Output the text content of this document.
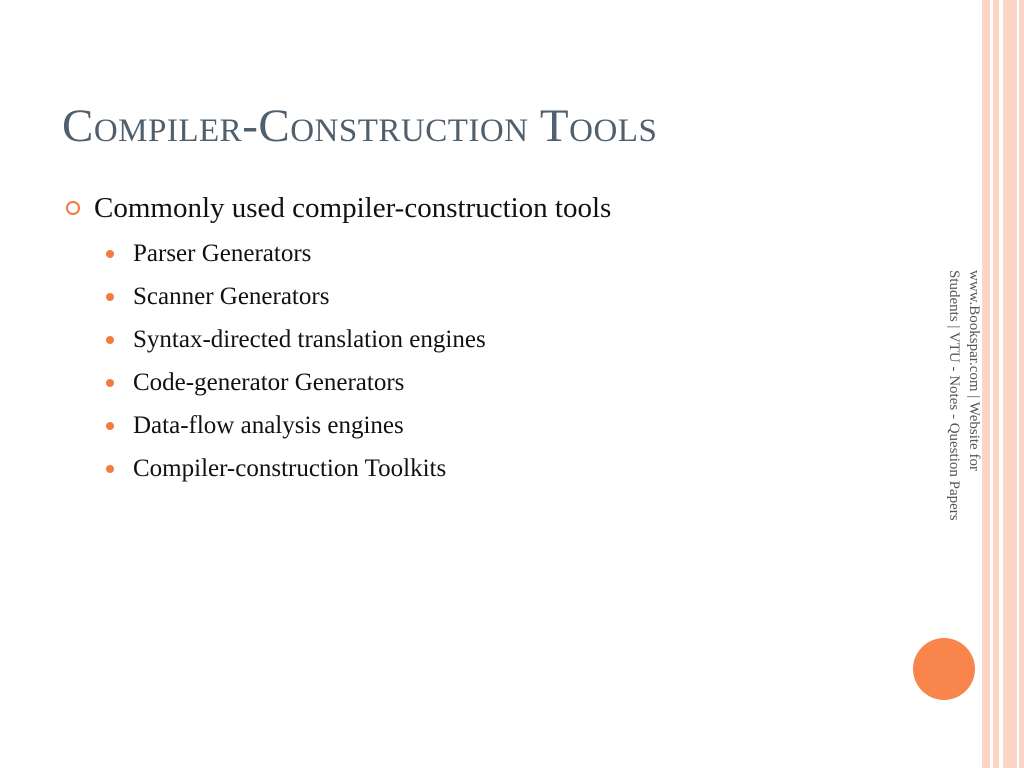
Compiler-Construction Tools
Commonly used compiler-construction tools
Parser Generators
Scanner Generators
Syntax-directed translation engines
Code-generator Generators
Data-flow analysis engines
Compiler-construction Toolkits	www.Bookspar.com | Website for
Students | VTU - Notes - Question Papers
